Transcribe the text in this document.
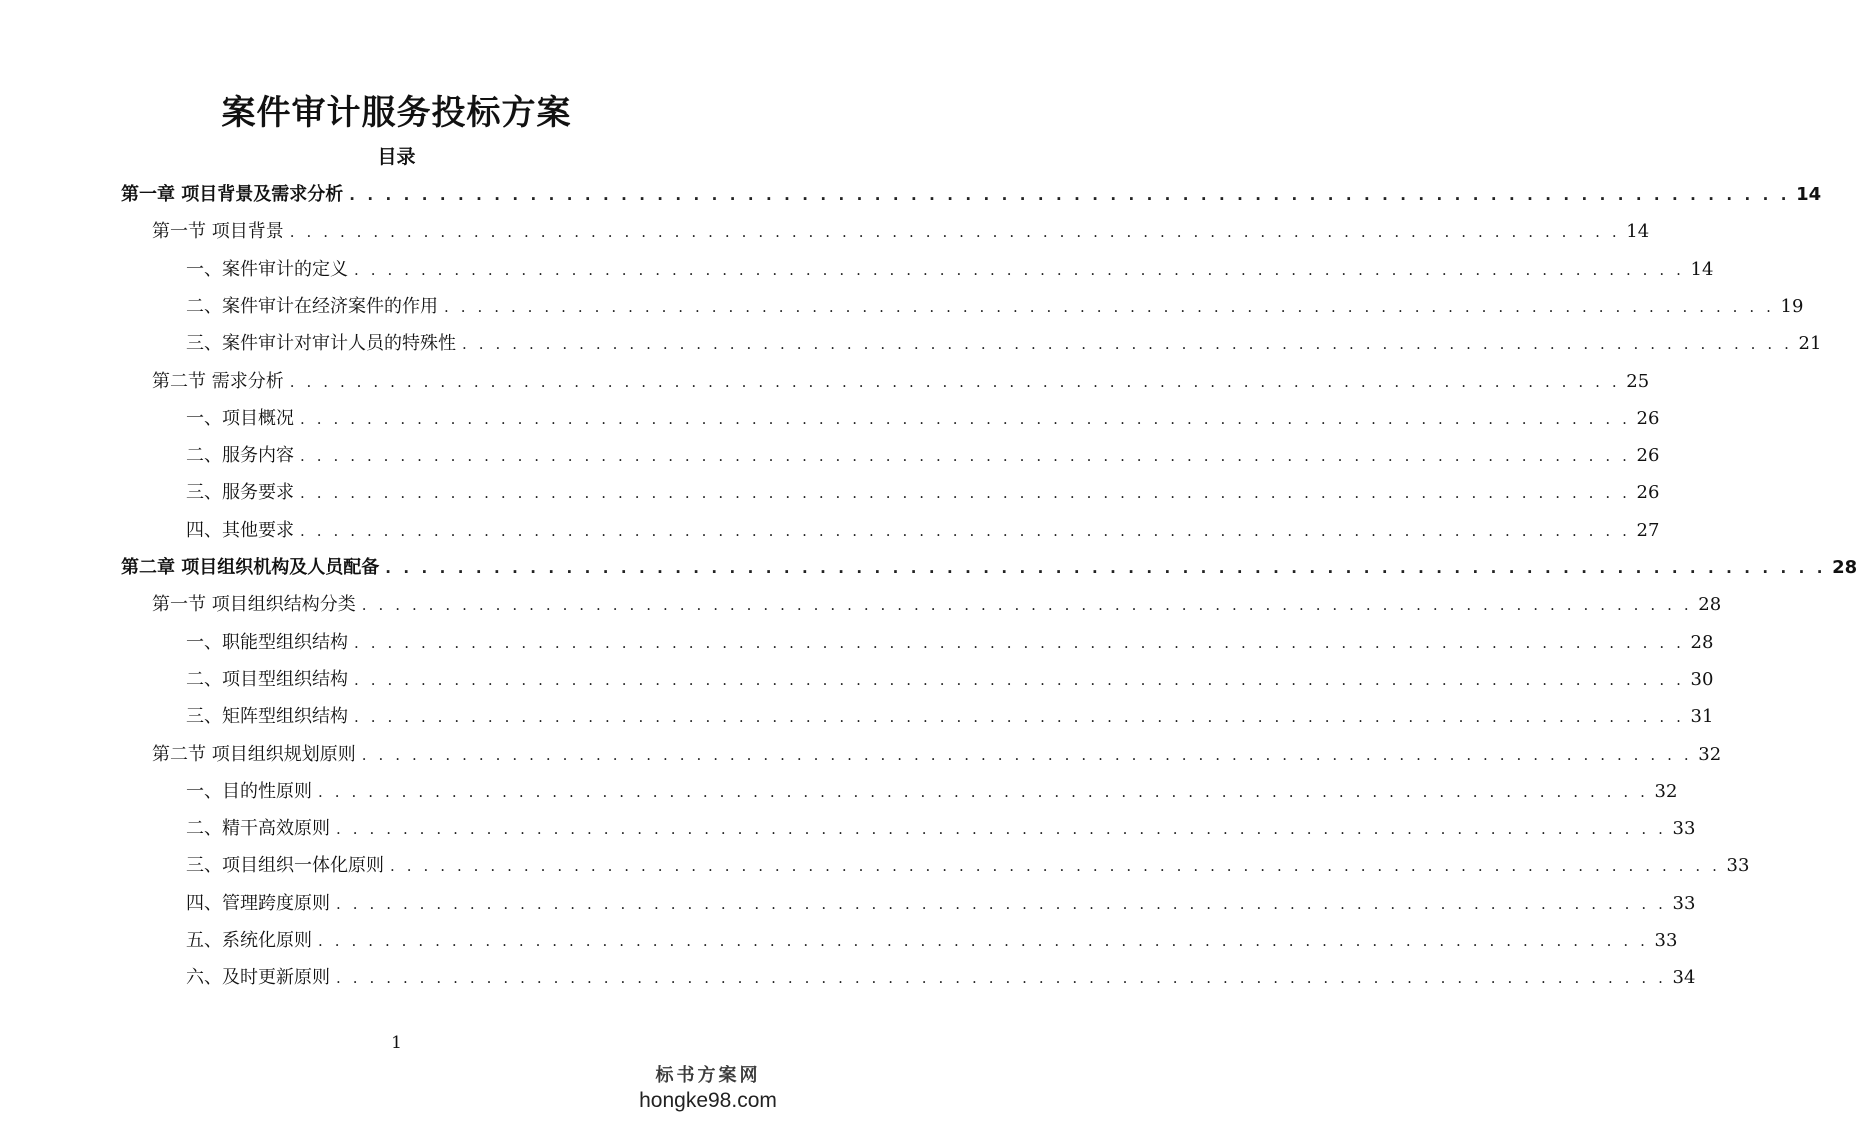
案件审计服务投标方案
目录
第一章 项目背景及需求分析 . . . . . . . . . . . . . . . . . . . . . . . . . . . . . . . . . . . . . . . . . . . . . . . . . . . . . . . . . . . . . . . . . . . . . . . . . . . . . . . . 14
第一节 项目背景 . . . . . . . . . . . . . . . . . . . . . . . . . . . . . . . . . . . . . . . . . . . . . . . . . . . . . . . . . . . . . . . . . . . . . . . . . . . . . . . . 14
一、案件审计的定义 . . . . . . . . . . . . . . . . . . . . . . . . . . . . . . . . . . . . . . . . . . . . . . . . . . . . . . . . . . . . . . . . . . . . . . . . . . . . . . . . 14
二、案件审计在经济案件的作用 . . . . . . . . . . . . . . . . . . . . . . . . . . . . . . . . . . . . . . . . . . . . . . . . . . . . . . . . . . . . . . . . . . . . . . . . . . . . . . . . 19
三、案件审计对审计人员的特殊性 . . . . . . . . . . . . . . . . . . . . . . . . . . . . . . . . . . . . . . . . . . . . . . . . . . . . . . . . . . . . . . . . . . . . . . . . . . . . . . . . 21
第二节 需求分析 . . . . . . . . . . . . . . . . . . . . . . . . . . . . . . . . . . . . . . . . . . . . . . . . . . . . . . . . . . . . . . . . . . . . . . . . . . . . . . . . 25
一、项目概况 . . . . . . . . . . . . . . . . . . . . . . . . . . . . . . . . . . . . . . . . . . . . . . . . . . . . . . . . . . . . . . . . . . . . . . . . . . . . . . . . 26
二、服务内容 . . . . . . . . . . . . . . . . . . . . . . . . . . . . . . . . . . . . . . . . . . . . . . . . . . . . . . . . . . . . . . . . . . . . . . . . . . . . . . . . 26
三、服务要求 . . . . . . . . . . . . . . . . . . . . . . . . . . . . . . . . . . . . . . . . . . . . . . . . . . . . . . . . . . . . . . . . . . . . . . . . . . . . . . . . 26
四、其他要求 . . . . . . . . . . . . . . . . . . . . . . . . . . . . . . . . . . . . . . . . . . . . . . . . . . . . . . . . . . . . . . . . . . . . . . . . . . . . . . . . 27
第二章 项目组织机构及人员配备 . . . . . . . . . . . . . . . . . . . . . . . . . . . . . . . . . . . . . . . . . . . . . . . . . . . . . . . . . . . . . . . . . . . . . . . . . . . . . . . . 28
第一节 项目组织结构分类 . . . . . . . . . . . . . . . . . . . . . . . . . . . . . . . . . . . . . . . . . . . . . . . . . . . . . . . . . . . . . . . . . . . . . . . . . . . . . . . . 28
一、职能型组织结构 . . . . . . . . . . . . . . . . . . . . . . . . . . . . . . . . . . . . . . . . . . . . . . . . . . . . . . . . . . . . . . . . . . . . . . . . . . . . . . . . 28
二、项目型组织结构 . . . . . . . . . . . . . . . . . . . . . . . . . . . . . . . . . . . . . . . . . . . . . . . . . . . . . . . . . . . . . . . . . . . . . . . . . . . . . . . . 30
三、矩阵型组织结构 . . . . . . . . . . . . . . . . . . . . . . . . . . . . . . . . . . . . . . . . . . . . . . . . . . . . . . . . . . . . . . . . . . . . . . . . . . . . . . . . 31
第二节 项目组织规划原则 . . . . . . . . . . . . . . . . . . . . . . . . . . . . . . . . . . . . . . . . . . . . . . . . . . . . . . . . . . . . . . . . . . . . . . . . . . . . . . . . 32
一、目的性原则 . . . . . . . . . . . . . . . . . . . . . . . . . . . . . . . . . . . . . . . . . . . . . . . . . . . . . . . . . . . . . . . . . . . . . . . . . . . . . . . . 32
二、精干高效原则 . . . . . . . . . . . . . . . . . . . . . . . . . . . . . . . . . . . . . . . . . . . . . . . . . . . . . . . . . . . . . . . . . . . . . . . . . . . . . . . . 33
三、项目组织一体化原则 . . . . . . . . . . . . . . . . . . . . . . . . . . . . . . . . . . . . . . . . . . . . . . . . . . . . . . . . . . . . . . . . . . . . . . . . . . . . . . . . 33
四、管理跨度原则 . . . . . . . . . . . . . . . . . . . . . . . . . . . . . . . . . . . . . . . . . . . . . . . . . . . . . . . . . . . . . . . . . . . . . . . . . . . . . . . . 33
五、系统化原则 . . . . . . . . . . . . . . . . . . . . . . . . . . . . . . . . . . . . . . . . . . . . . . . . . . . . . . . . . . . . . . . . . . . . . . . . . . . . . . . . 33
六、及时更新原则 . . . . . . . . . . . . . . . . . . . . . . . . . . . . . . . . . . . . . . . . . . . . . . . . . . . . . . . . . . . . . . . . . . . . . . . . . . . . . . . . 34
1
标书方案网
hongke98.com
